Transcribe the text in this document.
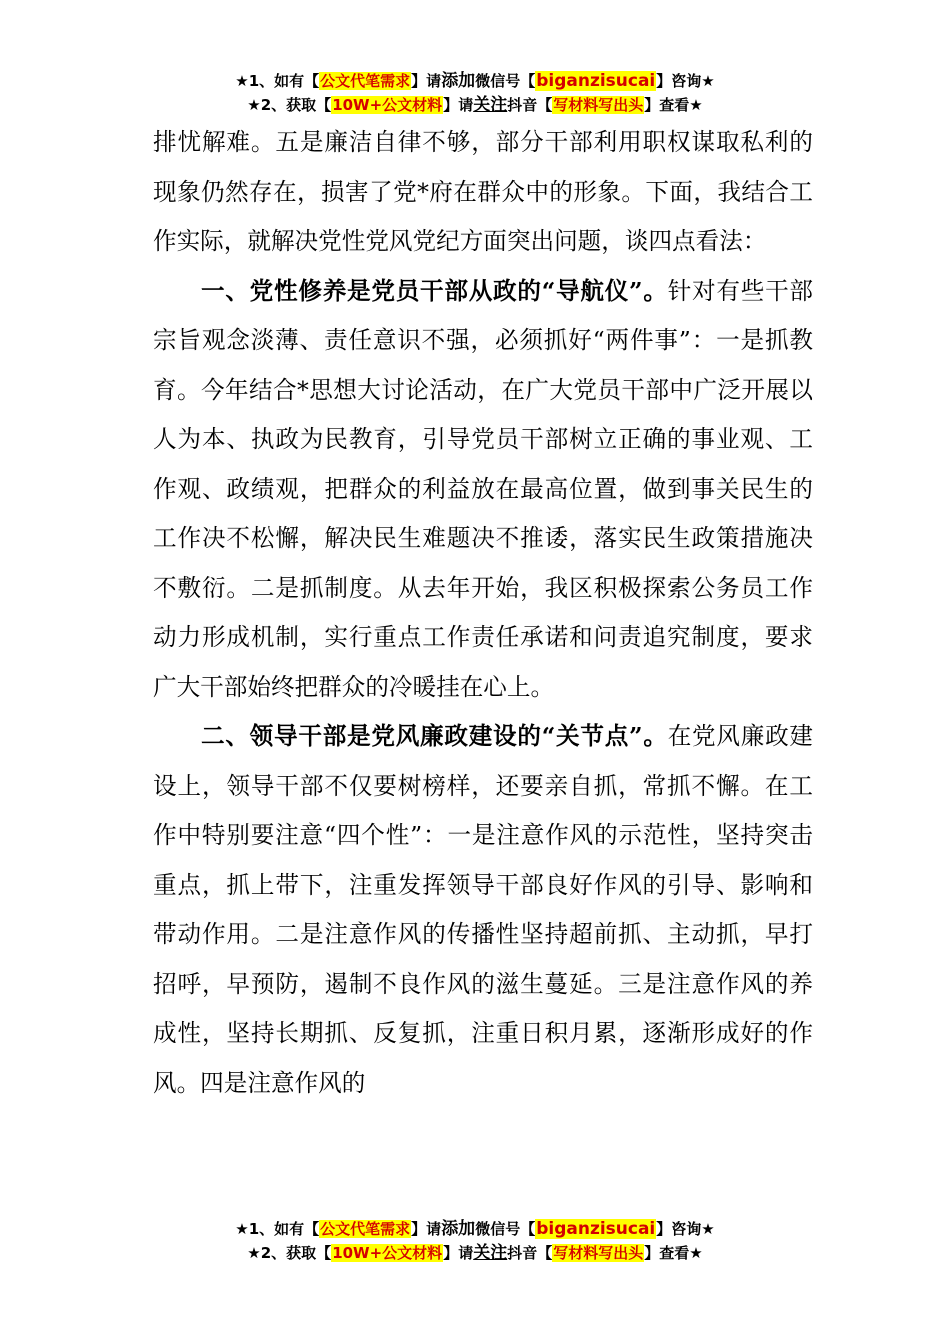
★1、如有【公文代笔需求】请添加微信号【biganzisucai】咨询★
★2、获取【10W+公文材料】请关注抖音【写材料写出头】查看★

排忧解难。五是廉洁自律不够，部分干部利用职权谋取私利的现象仍然存在，损害了党*府在群众中的形象。下面，我结合工作实际，就解决党性党风党纪方面突出问题，谈四点看法：

一、党性修养是党员干部从政的“导航仪”。针对有些干部宗旨观念淡薄、责任意识不强，必须抓好“两件事”：一是抓教育。今年结合*思想大讨论活动，在广大党员干部中广泛开展以人为本、执政为民教育，引导党员干部树立正确的事业观、工作观、政绩观，把群众的利益放在最高位置，做到事关民生的工作决不松懈，解决民生难题决不推诿，落实民生政策措施决不敷衍。二是抓制度。从去年开始，我区积极探索公务员工作动力形成机制，实行重点工作责任承诺和问责追究制度，要求广大干部始终把群众的冷暖挂在心上。

二、领导干部是党风廉政建设的“关节点”。在党风廉政建设上，领导干部不仅要树榜样，还要亲自抓，常抓不懈。在工作中特别要注意“四个性”：一是注意作风的示范性，坚持突击重点，抓上带下，注重发挥领导干部良好作风的引导、影响和带动作用。二是注意作风的传播性坚持超前抓、主动抓，早打招呼，早预防，遏制不良作风的滋生蔓延。三是注意作风的养成性，坚持长期抓、反复抓，注重日积月累，逐渐形成好的作风。四是注意作风的

★1、如有【公文代笔需求】请添加微信号【biganzisucai】咨询★
★2、获取【10W+公文材料】请关注抖音【写材料写出头】查看★
